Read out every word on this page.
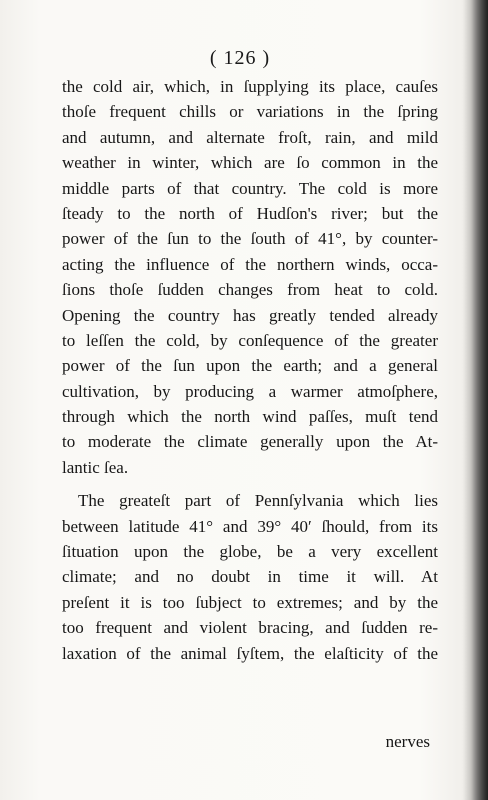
( 126 )
the cold air, which, in ſupplying its place, cauſes
thoſe frequent chills or variations in the ſpring
and autumn, and alternate froſt, rain, and mild
weather in winter, which are ſo common in the
middle parts of that country. The cold is more
ſteady to the north of Hudſon's river; but the
power of the ſun to the ſouth of 41°, by counter-
acting the influence of the northern winds, occa-
ſions thoſe ſudden changes from heat to cold.
Opening the country has greatly tended already
to leſſen the cold, by conſequence of the greater
power of the ſun upon the earth; and a general
cultivation, by producing a warmer atmoſphere,
through which the north wind paſſes, muſt tend
to moderate the climate generally upon the At-
lantic ſea.
The greateſt part of Pennſylvania which lies
between latitude 41° and 39° 40′ ſhould, from its
ſituation upon the globe, be a very excellent
climate; and no doubt in time it will. At
preſent it is too ſubject to extremes; and by the
too frequent and violent bracing, and ſudden re-
laxation of the animal ſyſtem, the elaſticity of the
nerves
